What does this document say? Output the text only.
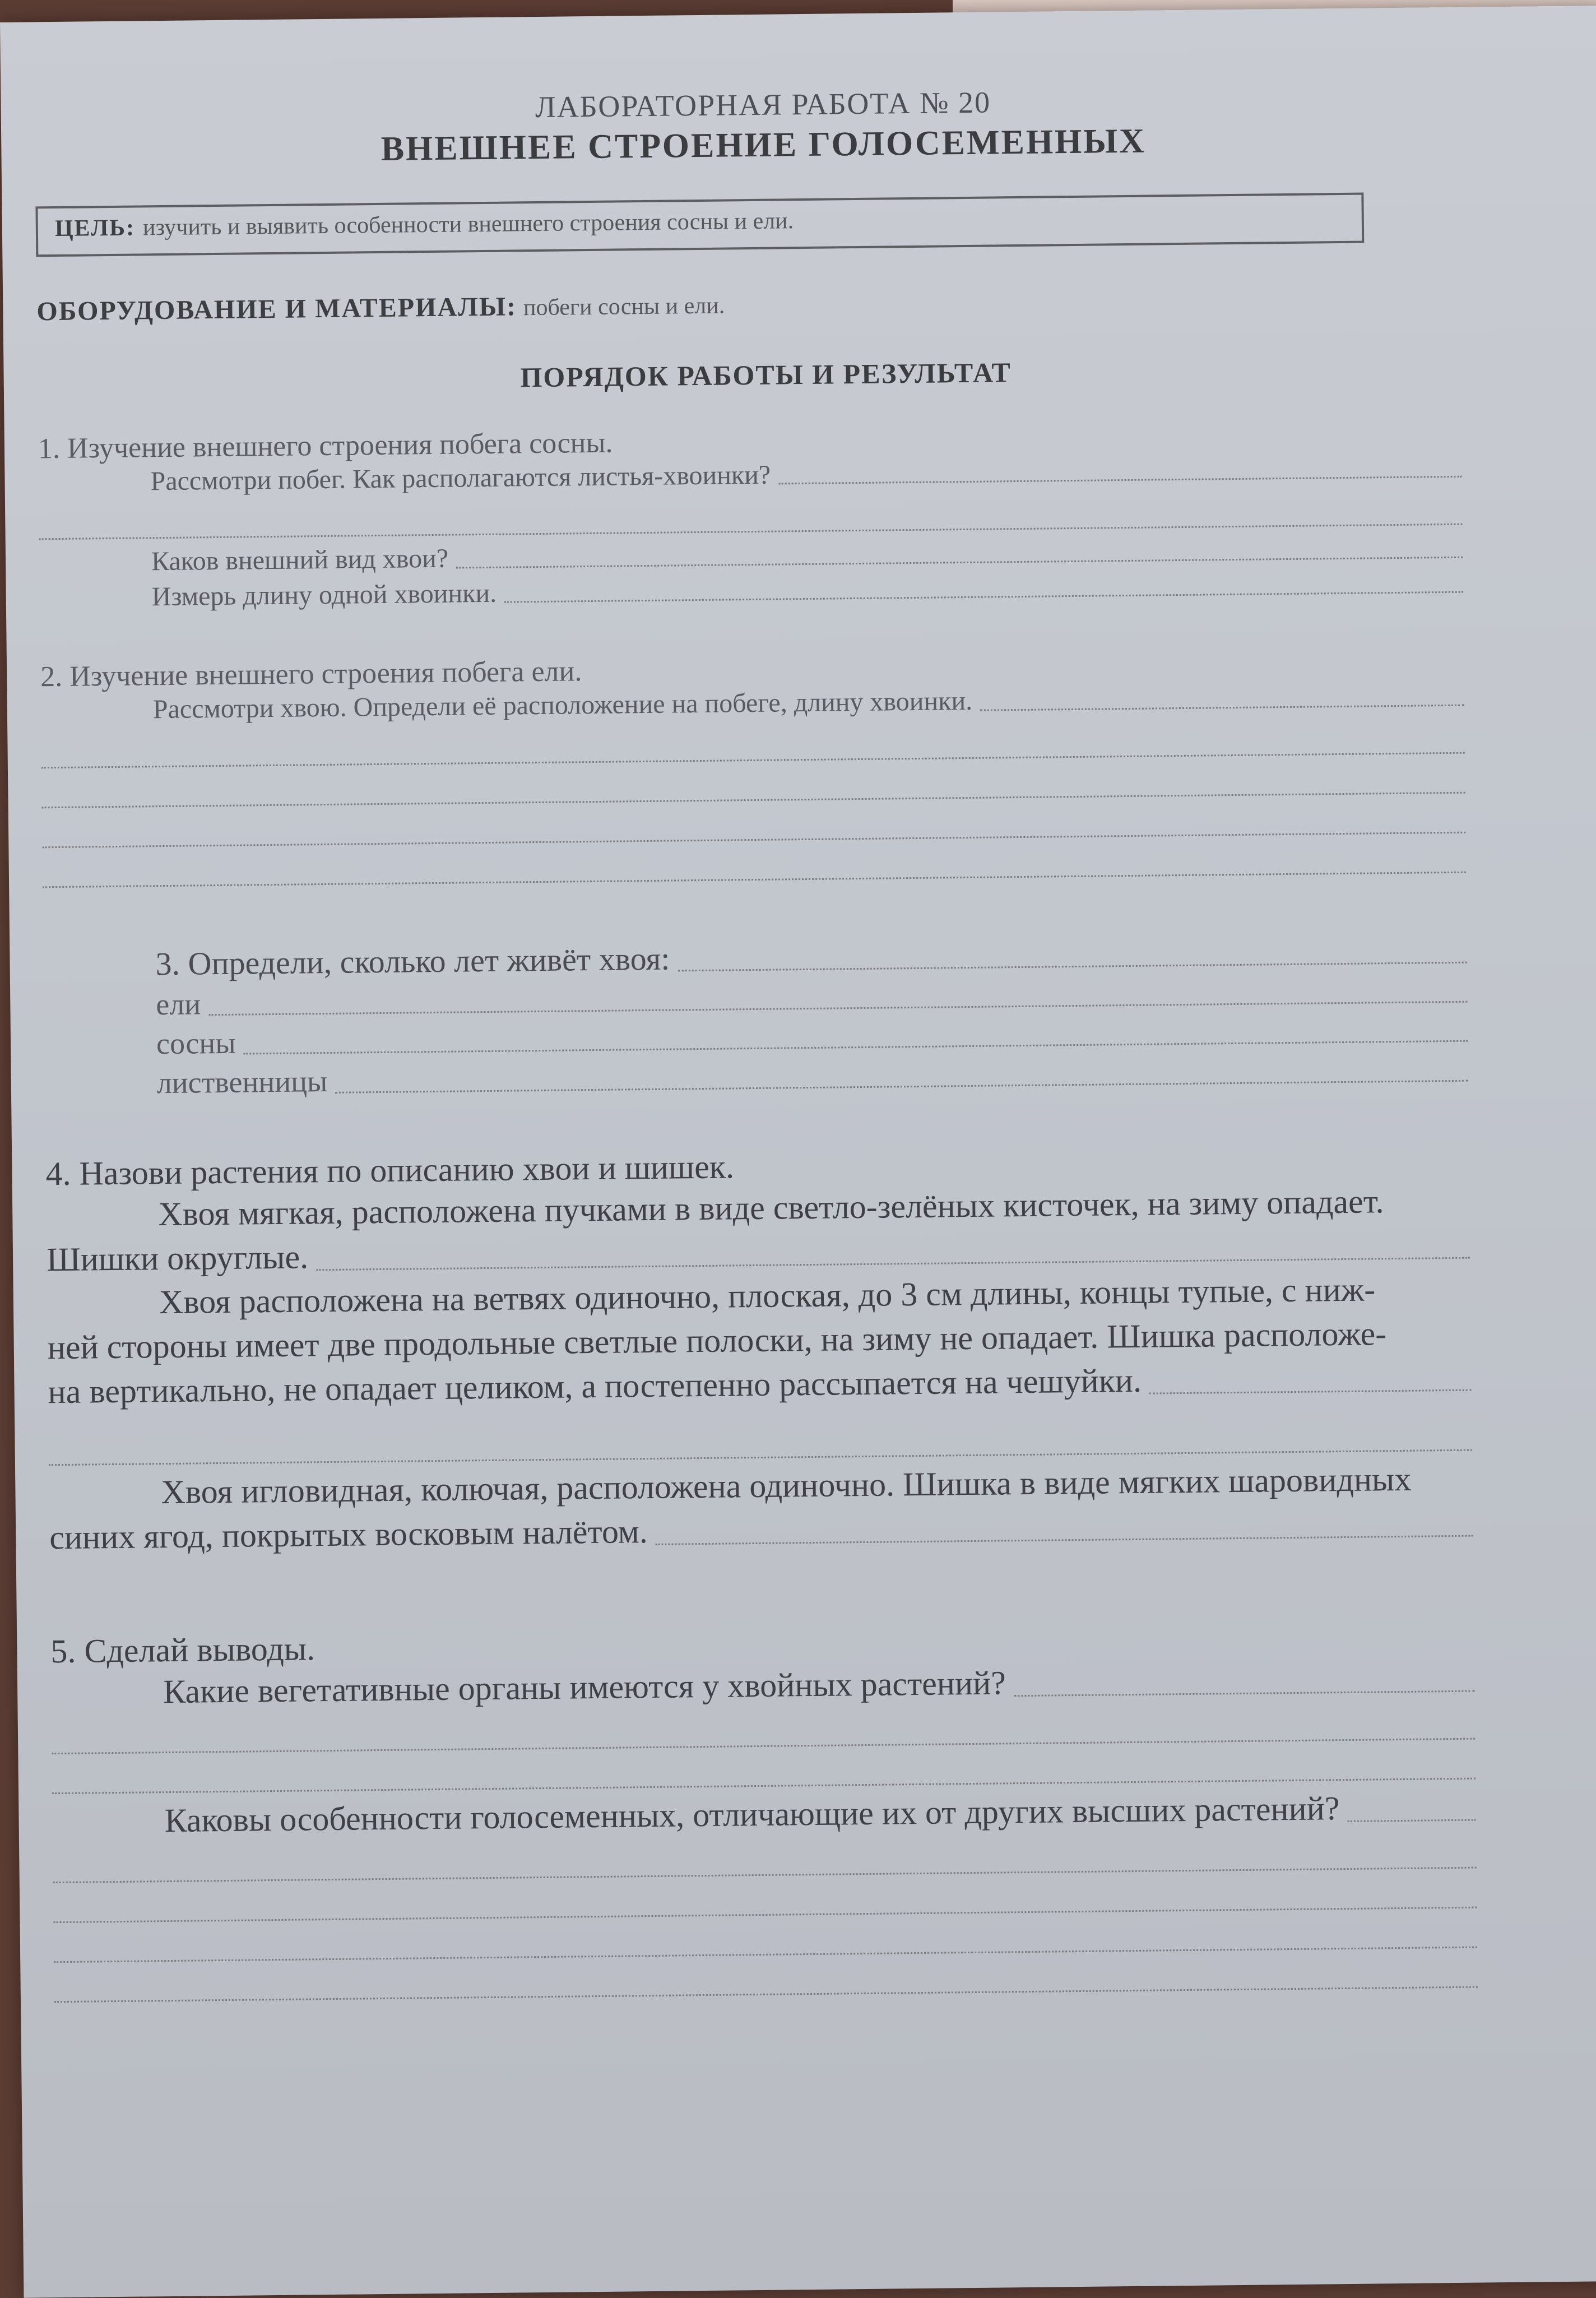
ЛАБОРАТОРНАЯ РАБОТА № 20
ВНЕШНЕЕ СТРОЕНИЕ ГОЛОСЕМЕННЫХ
ЦЕЛЬ: изучить и выявить особенности внешнего строения сосны и ели.
ОБОРУДОВАНИЕ И МАТЕРИАЛЫ: побеги сосны и ели.
ПОРЯДОК РАБОТЫ И РЕЗУЛЬТАТ
1. Изучение внешнего строения побега сосны.
Рассмотри побег. Как располагаются листья-хвоинки?
Каков внешний вид хвои?
Измерь длину одной хвоинки.
2. Изучение внешнего строения побега ели.
Рассмотри хвою. Определи её расположение на побеге, длину хвоинки.
3. Определи, сколько лет живёт хвоя:
ели
сосны
лиственницы
4. Назови растения по описанию хвои и шишек.
Хвоя мягкая, расположена пучками в виде светло-зелёных кисточек, на зиму опадает.
Шишки округлые.
Хвоя расположена на ветвях одиночно, плоская, до 3 см длины, концы тупые, с ниж-
ней стороны имеет две продольные светлые полоски, на зиму не опадает. Шишка расположе-
на вертикально, не опадает целиком, а постепенно рассыпается на чешуйки.
Хвоя игловидная, колючая, расположена одиночно. Шишка в виде мягких шаровидных
синих ягод, покрытых восковым налётом.
5. Сделай выводы.
Какие вегетативные органы имеются у хвойных растений?
Каковы особенности голосеменных, отличающие их от других высших растений?
